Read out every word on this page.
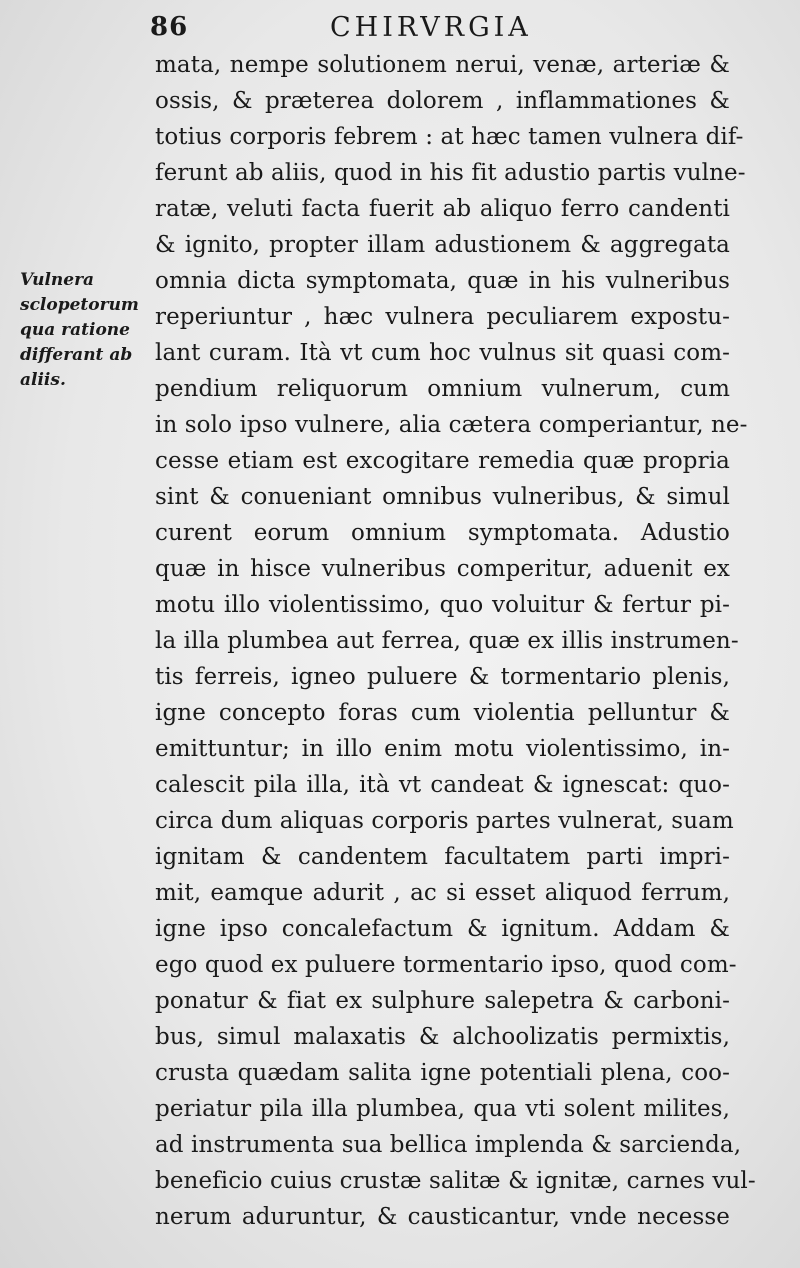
86	CHIRVRGIA
Vulnera
sclopetorum
qua ratione
differant ab
aliis.
mata, nempe solutionem nerui, venæ, arteriæ &
ossis, & præterea dolorem , inflammationes &
totius corporis febrem : at hæc tamen vulnera dif-
ferunt ab aliis, quod in his fit adustio partis vulne-
ratæ, veluti facta fuerit ab aliquo ferro candenti
& ignito, propter illam adustionem & aggregata
omnia dicta symptomata, quæ in his vulneribus
reperiuntur , hæc vulnera peculiarem expostu-
lant curam. Ità vt cum hoc vulnus sit quasi com-
pendium reliquorum omnium vulnerum, cum
in solo ipso vulnere, alia cætera comperiantur, ne-
cesse etiam est excogitare remedia quæ propria
sint & conueniant omnibus vulneribus, & simul
curent eorum omnium symptomata. Adustio
quæ in hisce vulneribus comperitur, aduenit ex
motu illo violentissimo, quo voluitur & fertur pi-
la illa plumbea aut ferrea, quæ ex illis instrumen-
tis ferreis, igneo puluere & tormentario plenis,
igne concepto foras cum violentia pelluntur &
emittuntur; in illo enim motu violentissimo, in-
calescit pila illa, ità vt candeat & ignescat: quo-
circa dum aliquas corporis partes vulnerat, suam
ignitam & candentem facultatem parti impri-
mit, eamque adurit , ac si esset aliquod ferrum,
igne ipso concalefactum & ignitum. Addam &
ego quod ex puluere tormentario ipso, quod com-
ponatur & fiat ex sulphure salepetra & carboni-
bus, simul malaxatis & alchoolizatis permixtis,
crusta quædam salita igne potentiali plena, coo-
periatur pila illa plumbea, qua vti solent milites,
ad instrumenta sua bellica implenda & sarcienda,
beneficio cuius crustæ salitæ & ignitæ, carnes vul-
nerum aduruntur, & causticantur, vnde necesse
